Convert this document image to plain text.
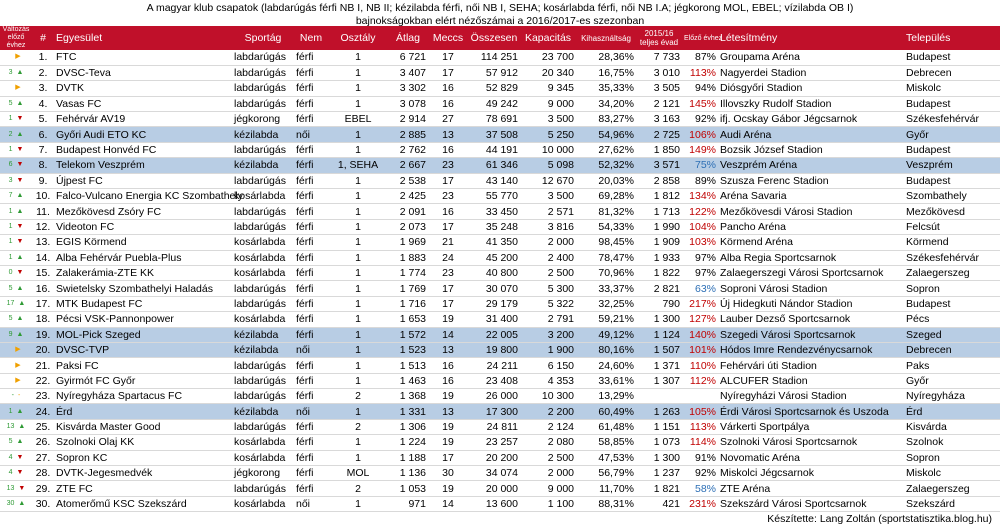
A magyar klub csapatok (labdarúgás férfi NB I, NB II; kézilabda férfi, női NB I, SEHA; kosárlabda férfi, női NB I.A; jégkorong MOL, EBEL; vízilabda OB I)
bajnokságokban elért nézőszámai a 2016/2017-es szezonban
Változás előző évhez	#	Egyesület	Sportág	Nem	Osztály	Átlag	Meccs	Összesen	Kapacitás	Kihasználtság	2015/16 teljes évad	Előző évhez	Létesítmény	Település
▶	1.	FTC	labdarúgás	férfi	1	6 721	17	114 251	23 700	28,36%	7 733	87%	Groupama Aréna	Budapest
3 ▲	2.	DVSC-Teva	labdarúgás	férfi	1	3 407	17	57 912	20 340	16,75%	3 010	113%	Nagyerdei Stadion	Debrecen
▶	3.	DVTK	labdarúgás	férfi	1	3 302	16	52 829	9 345	35,33%	3 505	94%	Diósgyőri Stadion	Miskolc
5 ▲	4.	Vasas FC	labdarúgás	férfi	1	3 078	16	49 242	9 000	34,20%	2 121	145%	Illovszky Rudolf Stadion	Budapest
1 ▼	5.	Fehérvár AV19	jégkorong	férfi	EBEL	2 914	27	78 691	3 500	83,27%	3 163	92%	ifj. Ocskay Gábor Jégcsarnok	Székesfehérvár
2 ▲	6.	Győri Audi ETO KC	kézilabda	női	1	2 885	13	37 508	5 250	54,96%	2 725	106%	Audi Aréna	Győr
1 ▼	7.	Budapest Honvéd FC	labdarúgás	férfi	1	2 762	16	44 191	10 000	27,62%	1 850	149%	Bozsik József Stadion	Budapest
6 ▼	8.	Telekom Veszprém	kézilabda	férfi	1, SEHA	2 667	23	61 346	5 098	52,32%	3 571	75%	Veszprém Aréna	Veszprém
3 ▼	9.	Újpest FC	labdarúgás	férfi	1	2 538	17	43 140	12 670	20,03%	2 858	89%	Szusza Ferenc Stadion	Budapest
7 ▲	10.	Falco-Vulcano Energia KC Szombathely	kosárlabda	férfi	1	2 425	23	55 770	3 500	69,28%	1 812	134%	Aréna Savaria	Szombathely
1 ▲	11.	Mezőkövesd Zsóry FC	labdarúgás	férfi	1	2 091	16	33 450	2 571	81,32%	1 713	122%	Mezőkövesdi Városi Stadion	Mezőkövesd
1 ▼	12.	Videoton FC	labdarúgás	férfi	1	2 073	17	35 248	3 816	54,33%	1 990	104%	Pancho Aréna	Felcsút
1 ▼	13.	EGIS Körmend	kosárlabda	férfi	1	1 969	21	41 350	2 000	98,45%	1 909	103%	Körmend Aréna	Körmend
1 ▲	14.	Alba Fehérvár Puebla-Plus	kosárlabda	férfi	1	1 883	24	45 200	2 400	78,47%	1 933	97%	Alba Regia Sportcsarnok	Székesfehérvár
0 ▼	15.	Zalakerámia-ZTE KK	kosárlabda	férfi	1	1 774	23	40 800	2 500	70,96%	1 822	97%	Zalaegerszegi Városi Sportcsarnok	Zalaegerszeg
5 ▲	16.	Swietelsky Szombathelyi Haladás	labdarúgás	férfi	1	1 769	17	30 070	5 300	33,37%	2 821	63%	Soproni Városi Stadion	Sopron
17 ▲	17.	MTK Budapest FC	labdarúgás	férfi	1	1 716	17	29 179	5 322	32,25%	790	217%	Új Hidegkuti Nándor Stadion	Budapest
5 ▲	18.	Pécsi VSK-Pannonpower	kosárlabda	férfi	1	1 653	19	31 400	2 791	59,21%	1 300	127%	Lauber Dezső Sportcsarnok	Pécs
9 ▲	19.	MOL-Pick Szeged	kézilabda	férfi	1	1 572	14	22 005	3 200	49,12%	1 124	140%	Szegedi Városi Sportcsarnok	Szeged
▶	20.	DVSC-TVP	kézilabda	női	1	1 523	13	19 800	1 900	80,16%	1 507	101%	Hódos Imre Rendezvénycsarnok	Debrecen
▶	21.	Paksi FC	labdarúgás	férfi	1	1 513	16	24 211	6 150	24,60%	1 371	110%	Fehérvári úti Stadion	Paks
▶	22.	Gyirmót FC Győr	labdarúgás	férfi	1	1 463	16	23 408	4 353	33,61%	1 307	112%	ALCUFER Stadion	Győr
- -	23.	Nyíregyháza Spartacus FC	labdarúgás	férfi	2	1 368	19	26 000	10 300	13,29%			Nyíregyházi Városi Stadion	Nyíregyháza
1 ▲	24.	Érd	kézilabda	női	1	1 331	13	17 300	2 200	60,49%	1 263	105%	Érdi Városi Sportcsarnok és Uszoda	Érd
13 ▲	25.	Kisvárda Master Good	labdarúgás	férfi	2	1 306	19	24 811	2 124	61,48%	1 151	113%	Várkerti Sportpálya	Kisvárda
5 ▲	26.	Szolnoki Olaj KK	kosárlabda	férfi	1	1 224	19	23 257	2 080	58,85%	1 073	114%	Szolnoki Városi Sportcsarnok	Szolnok
4 ▼	27.	Sopron KC	kosárlabda	férfi	1	1 188	17	20 200	2 500	47,53%	1 300	91%	Novomatic Aréna	Sopron
4 ▼	28.	DVTK-Jegesmedvék	jégkorong	férfi	MOL	1 136	30	34 074	2 000	56,79%	1 237	92%	Miskolci Jégcsarnok	Miskolc
13 ▼	29.	ZTE FC	labdarúgás	férfi	2	1 053	19	20 000	9 000	11,70%	1 821	58%	ZTE Aréna	Zalaegerszeg
30 ▲	30.	Atomerőmű KSC Szekszárd	kosárlabda	női	1	971	14	13 600	1 100	88,31%	421	231%	Szekszárd Városi Sportcsarnok	Szekszárd
Készítette: Lang Zoltán (sportstatisztika.blog.hu)
